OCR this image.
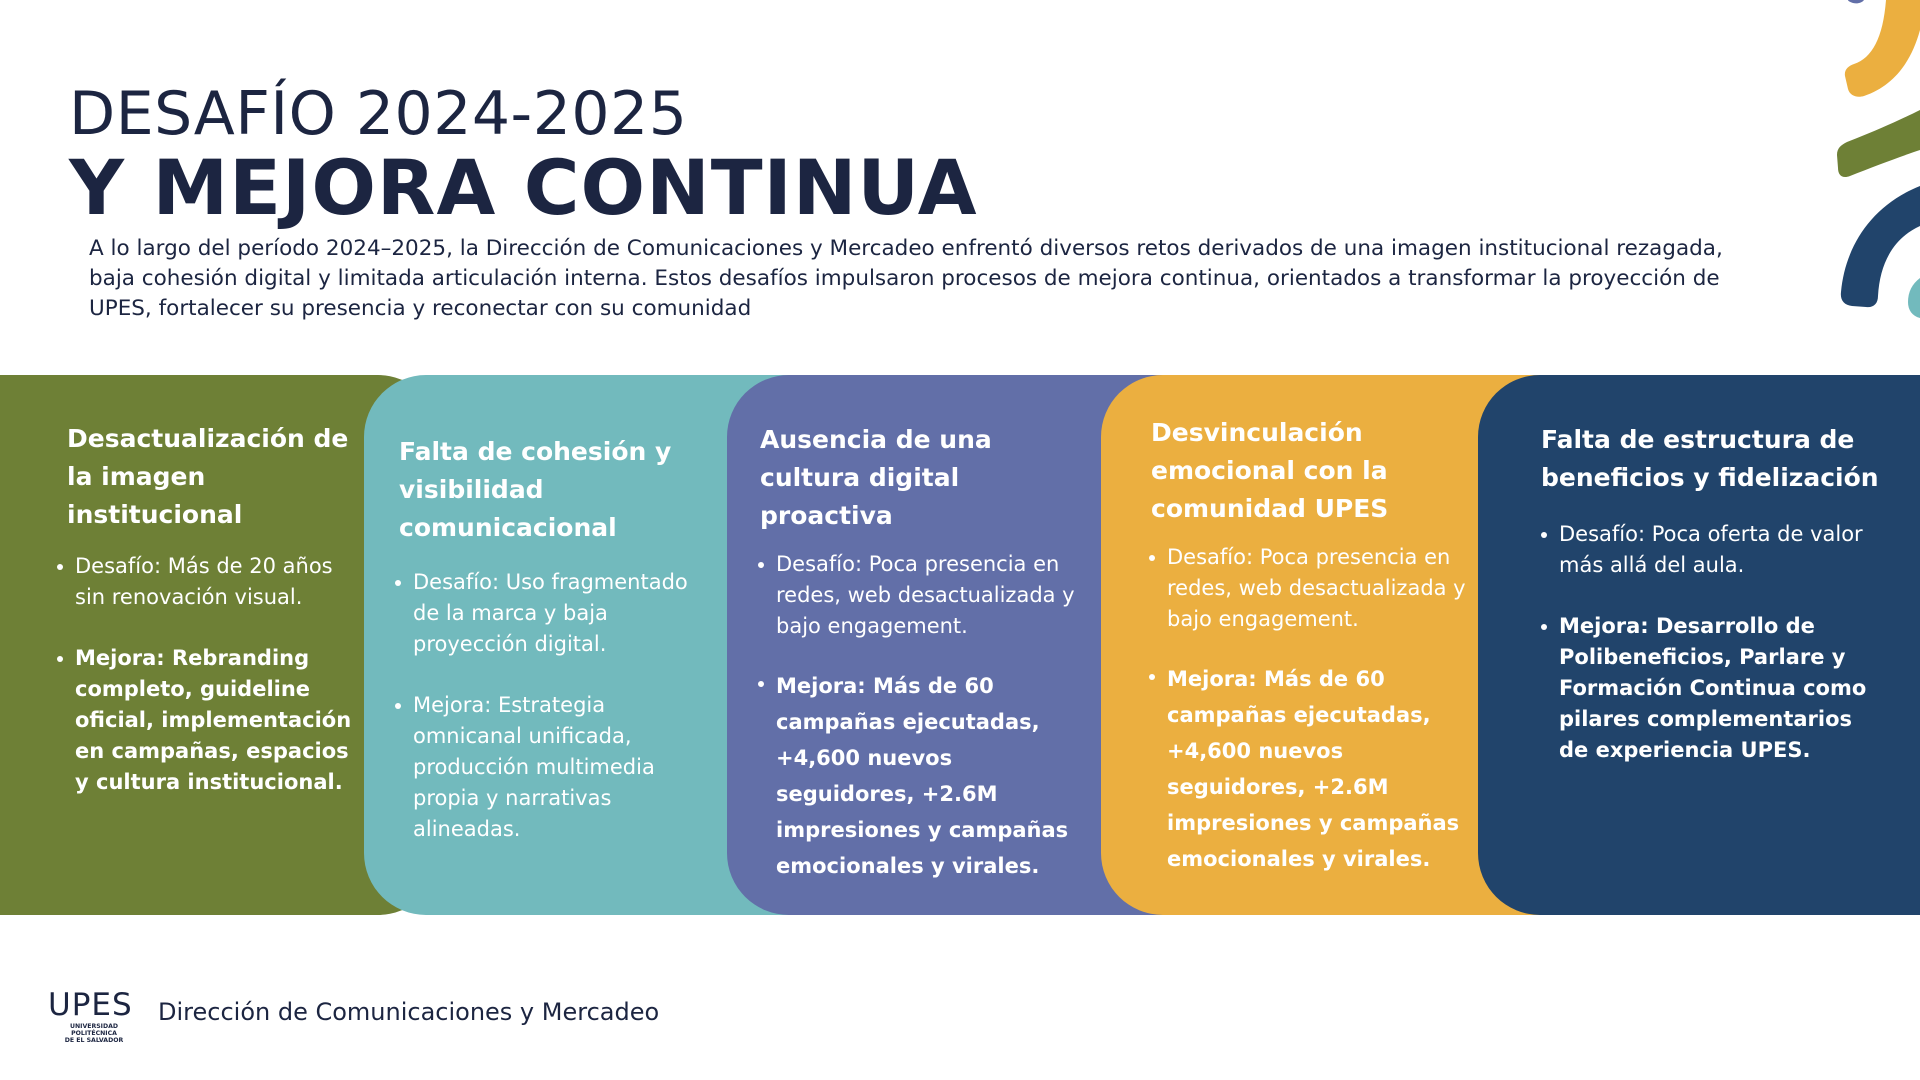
DESAFÍO 2024-2025
Y MEJORA CONTINUA

A lo largo del período 2024–2025, la Dirección de Comunicaciones y Mercadeo enfrentó diversos retos derivados de una imagen institucional rezagada, baja cohesión digital y limitada articulación interna. Estos desafíos impulsaron procesos de mejora continua, orientados a transformar la proyección de UPES, fortalecer su presencia y reconectar con su comunidad

Desactualización de la imagen institucional
Desafío: Más de 20 años sin renovación visual.
Mejora: Rebranding completo, guideline oficial, implementación en campañas, espacios y cultura institucional.
Falta de cohesión y visibilidad comunicacional
Desafío: Uso fragmentado de la marca y baja proyección digital.
Mejora: Estrategia omnicanal unificada, producción multimedia propia y narrativas alineadas.
Ausencia de una cultura digital proactiva
Desafío: Poca presencia en redes, web desactualizada y bajo engagement.
Mejora: Más de 60 campañas ejecutadas, +4,600 nuevos seguidores, +2.6M impresiones y campañas emocionales y virales.
Desvinculación emocional con la comunidad UPES
Desafío: Poca presencia en redes, web desactualizada y bajo engagement.
Mejora: Más de 60 campañas ejecutadas, +4,600 nuevos seguidores, +2.6M impresiones y campañas emocionales y virales.
Falta de estructura de beneficios y fidelización
Desafío: Poca oferta de valor más allá del aula.
Mejora: Desarrollo de Polibeneficios, Parlare y Formación Continua como pilares complementarios de experiencia UPES.

UPES

UNIVERSIDAD POLITÉCNICA

DE EL SALVADOR

Dirección de Comunicaciones y Mercadeo
